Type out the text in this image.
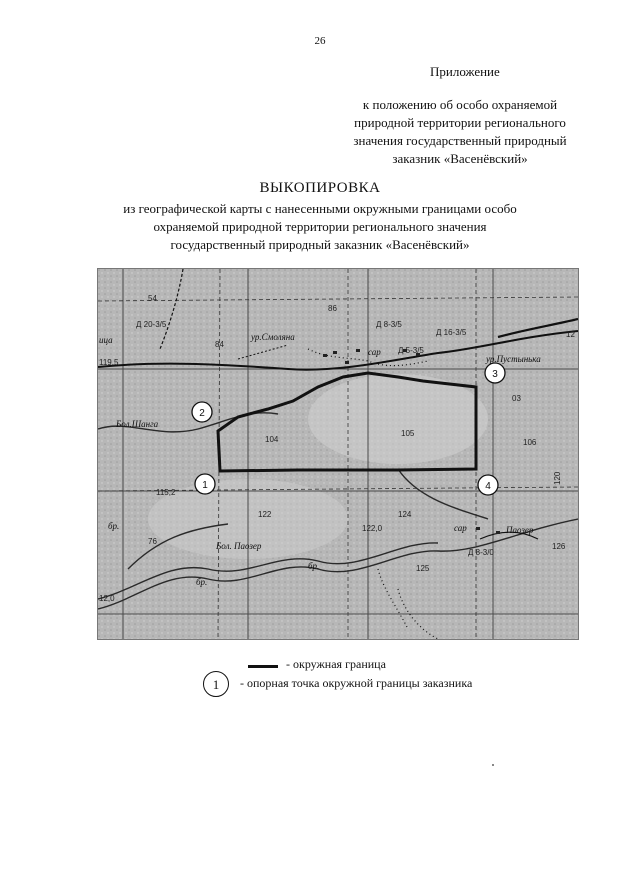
26
Приложение
к положению об особо охраняемой
природной территории регионального
значения государственный природный
заказник «Васенёвский»
ВЫКОПИРОВКА
из географической карты с нанесенными окружными границами особо
охраняемой природной территории регионального значения
государственный природный заказник «Васенёвский»
1
2
3
4
ур.Смоляна
ур.Пустынька
Бол.Шанга
Бол. Паозер
Паозер
сар
сар
бр.
бр.
бр.
54
86
84
104
105
106
122	124
125
126
76
115,2
122,0
119,5
12,0
Д 20-3/5	Д 8-3/5
Д 16-3/5
Д 5-3/5
Д 8-3/0
ица
12
120
03
- окружная граница
1	- опорная точка окружной границы заказника
